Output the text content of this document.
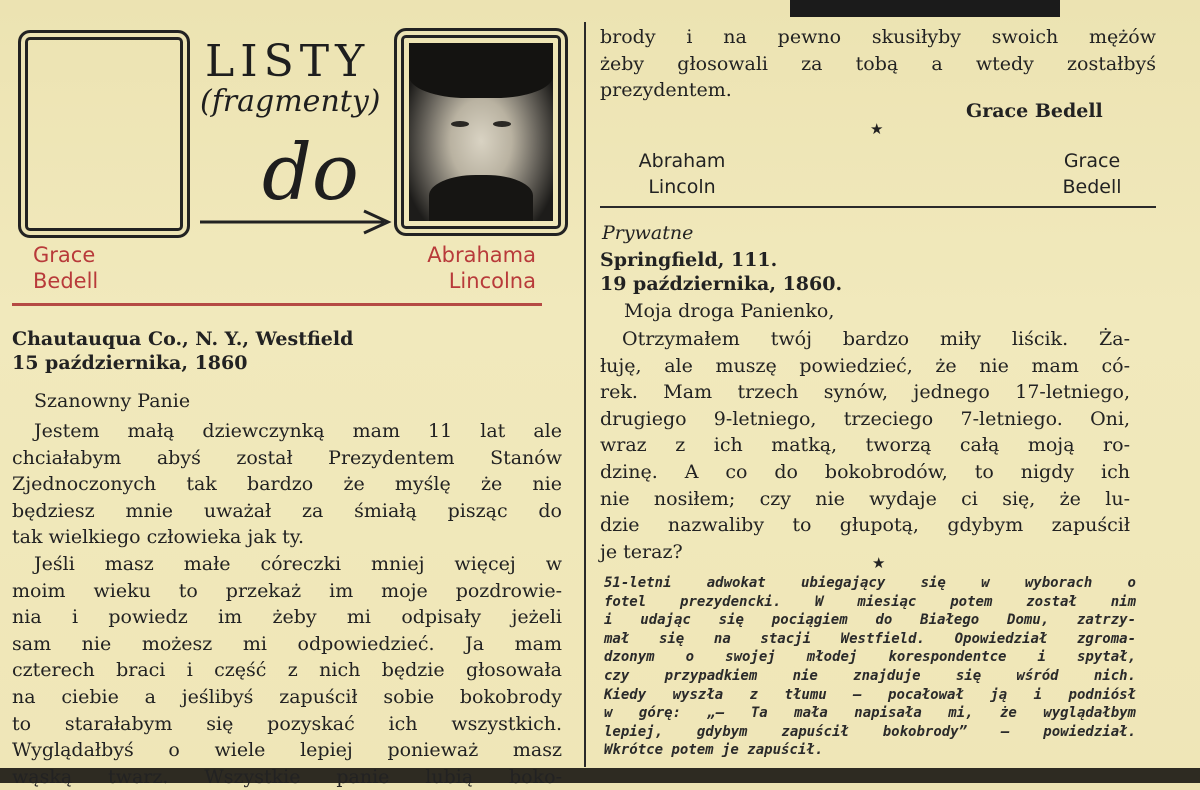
LISTY
(fragmenty)
do
Grace
Bedell
Abrahama
Lincolna
Chautauqua Co., N. Y., Westfield
15 października, 1860
Szanowny Panie

Jestem małą dziewczynką mam 11 lat ale

chciałabym abyś został Prezydentem Stanów

Zjednoczonych tak bardzo że myślę że nie

będziesz mnie uważał za śmiałą pisząc do

tak wielkiego człowieka jak ty.

Jeśli masz małe córeczki mniej więcej w

moim wieku to przekaż im moje pozdrowie-

nia i powiedz im żeby mi odpisały jeżeli

sam nie możesz mi odpowiedzieć. Ja mam

czterech braci i część z nich będzie głosowała

na ciebie a jeślibyś zapuścił sobie bokobrody

to starałabym się pozyskać ich wszystkich.

Wyglądałbyś o wiele lepiej ponieważ masz

wąską twarz. Wszystkie panie lubią boko-

brody i na pewno skusiłyby swoich mężów

żeby głosowali za tobą a wtedy zostałbyś

prezydentem.

Grace Bedell
★
Abraham
Lincoln
Grace
Bedell
Prywatne
Springfield, 111.
19 października, 1860.
Moja droga Panienko,

Otrzymałem twój bardzo miły liścik. Ża-

łuję, ale muszę powiedzieć, że nie mam có-

rek. Mam trzech synów, jednego 17-letniego,

drugiego 9-letniego, trzeciego 7-letniego. Oni,

wraz z ich matką, tworzą całą moją ro-

dzinę. A co do bokobrodów, to nigdy ich

nie nosiłem; czy nie wydaje ci się, że lu-

dzie nazwaliby to głupotą, gdybym zapuścił

je teraz?

★

51-letni adwokat ubiegający się w wyborach o

fotel prezydencki. W miesiąc potem został nim

i udając się pociągiem do Białego Domu, zatrzy-

mał się na stacji Westfield. Opowiedział zgroma-

dzonym o swojej młodej korespondentce i spytał,

czy przypadkiem nie znajduje się wśród nich.

Kiedy wyszła z tłumu — pocałował ją i podniósł

w górę: „— Ta mała napisała mi, że wyglądałbym

lepiej, gdybym zapuścił bokobrody” — powiedział.

Wkrótce potem je zapuścił.
